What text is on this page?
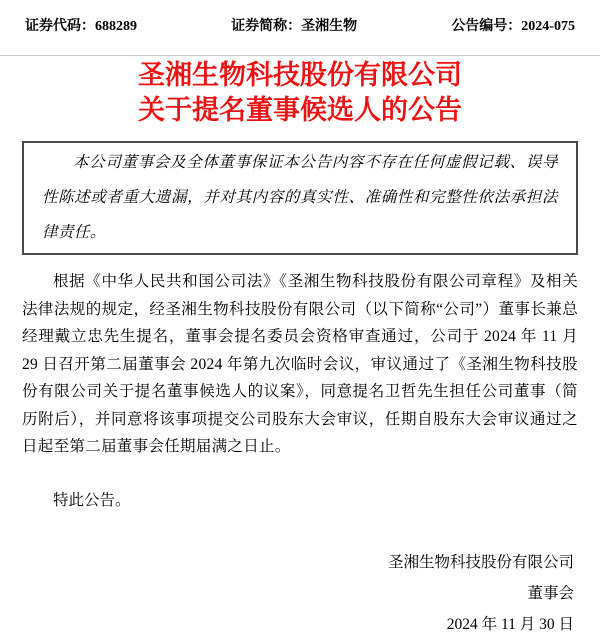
证券代码：688289	证券简称：圣湘生物	公告编号：2024-075
圣湘生物科技股份有限公司
关于提名董事候选人的公告
本公司董事会及全体董事保证本公告内容不存在任何虚假记载、误导性陈述或者重大遗漏，并对其内容的真实性、准确性和完整性依法承担法律责任。
根据《中华人民共和国公司法》《圣湘生物科技股份有限公司章程》及相关法律法规的规定，经圣湘生物科技股份有限公司（以下简称“公司”）董事长兼总经理戴立忠先生提名，董事会提名委员会资格审查通过，公司于 2024 年 11 月 29 日召开第二届董事会 2024 年第九次临时会议，审议通过了《圣湘生物科技股份有限公司关于提名董事候选人的议案》，同意提名卫哲先生担任公司董事（简历附后），并同意将该事项提交公司股东大会审议，任期自股东大会审议通过之日起至第二届董事会任期届满之日止。
特此公告。
圣湘生物科技股份有限公司
董事会
2024 年 11 月 30 日
